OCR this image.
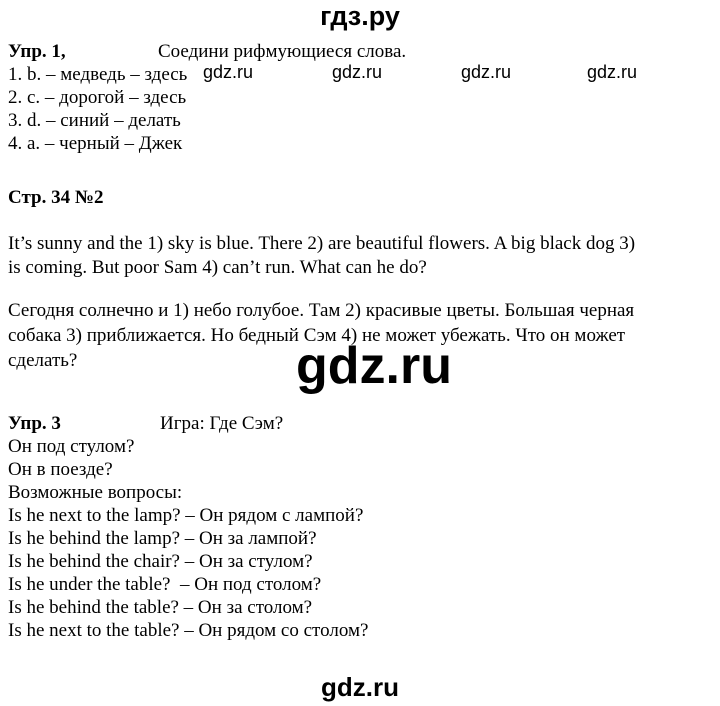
гдз.ру
Упр. 1,	Соедини рифмующиеся слова.
1. b. – медведь – здесь
2. с. – дорогой – здесь
3. d. – синий – делать
4. a. – черный – Джек
gdz.ru	gdz.ru	gdz.ru	gdz.ru
Стр. 34 №2
It’s sunny and the 1) sky is blue. There 2) are beautiful flowers. A big black dog 3)
is coming. But poor Sam 4) can’t run. What can he do?
Сегодня солнечно и 1) небо голубое. Там 2) красивые цветы. Большая черная
собака 3) приближается. Но бедный Сэм 4) не может убежать. Что он может
сделать?	gdz.ru
Упр. 3	Игра: Где Сэм?
Он под стулом?
Он в поезде?
Возможные вопросы:
Is he next to the lamp? – Он рядом с лампой?
Is he behind the lamp? – Он за лампой?
Is he behind the chair? – Он за стулом?
Is he under the table?  – Он под столом?
Is he behind the table? – Он за столом?
Is he next to the table? – Он рядом со столом?
gdz.ru
